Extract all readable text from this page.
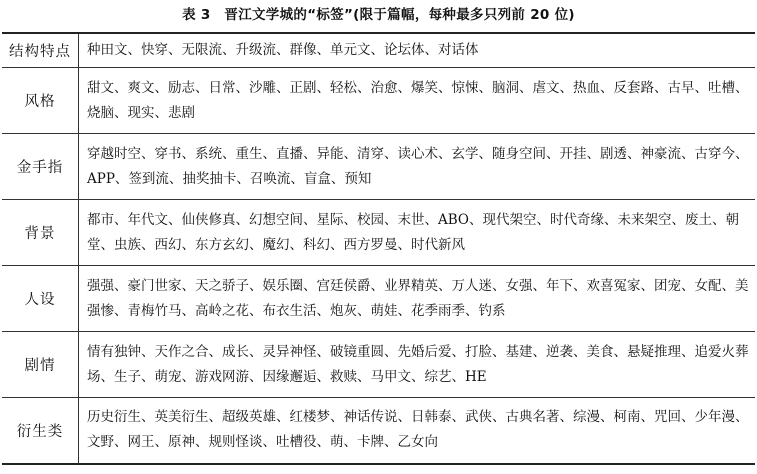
表 3　晋江文学城的“标签”(限于篇幅，每种最多只列前 20 位)
结构特点	种田文、快穿、无限流、升级流、群像、单元文、论坛体、对话体
风格	甜文、爽文、励志、日常、沙雕、正剧、轻松、治愈、爆笑、惊悚、脑洞、虐文、热血、反套路、古早、吐槽、烧脑、现实、悲剧
金手指	穿越时空、穿书、系统、重生、直播、异能、清穿、读心术、玄学、随身空间、开挂、剧透、神豪流、古穿今、APP、签到流、抽奖抽卡、召唤流、盲盒、预知
背景	都市、年代文、仙侠修真、幻想空间、星际、校园、末世、ABO、现代架空、时代奇缘、未来架空、废土、朝堂、虫族、西幻、东方玄幻、魔幻、科幻、西方罗曼、时代新风
人设	强强、豪门世家、天之骄子、娱乐圈、宫廷侯爵、业界精英、万人迷、女强、年下、欢喜冤家、团宠、女配、美强惨、青梅竹马、高岭之花、布衣生活、炮灰、萌娃、花季雨季、钓系
剧情	情有独钟、天作之合、成长、灵异神怪、破镜重圆、先婚后爱、打脸、基建、逆袭、美食、悬疑推理、追爱火葬场、生子、萌宠、游戏网游、因缘邂逅、救赎、马甲文、综艺、HE
衍生类	历史衍生、英美衍生、超级英雄、红楼梦、神话传说、日韩泰、武侠、古典名著、综漫、柯南、咒回、少年漫、文野、网王、原神、规则怪谈、吐槽役、萌、卡牌、乙女向
